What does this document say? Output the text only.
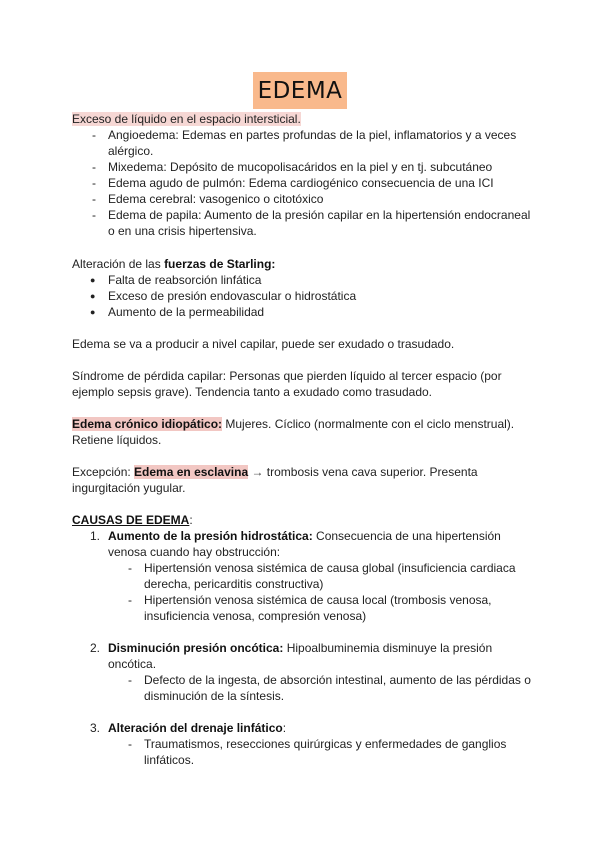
EDEMA
Exceso de líquido en el espacio intersticial.
- Angioedema: Edemas en partes profundas de la piel, inflamatorios y a veces alérgico.
- Mixedema: Depósito de mucopolisacáridos en la piel y en tj. subcutáneo
- Edema agudo de pulmón: Edema cardiogénico consecuencia de una ICI
- Edema cerebral: vasogenico o citotóxico
- Edema de papila: Aumento de la presión capilar en la hipertensión endocraneal o en una crisis hipertensiva.
Alteración de las fuerzas de Starling:
● Falta de reabsorción linfática
● Exceso de presión endovascular o hidrostática
● Aumento de la permeabilidad
Edema se va a producir a nivel capilar, puede ser exudado o trasudado.
Síndrome de pérdida capilar: Personas que pierden líquido al tercer espacio (por ejemplo sepsis grave). Tendencia tanto a exudado como trasudado.
Edema crónico idiopático: Mujeres. Cíclico (normalmente con el ciclo menstrual). Retiene líquidos.
Excepción: Edema en esclavina → trombosis vena cava superior. Presenta ingurgitación yugular.
CAUSAS DE EDEMA:
1. Aumento de la presión hidrostática: Consecuencia de una hipertensión venosa cuando hay obstrucción:
- Hipertensión venosa sistémica de causa global (insuficiencia cardiaca derecha, pericarditis constructiva)
- Hipertensión venosa sistémica de causa local (trombosis venosa, insuficiencia venosa, compresión venosa)
2. Disminución presión oncótica: Hipoalbuminemia disminuye la presión oncótica.
- Defecto de la ingesta, de absorción intestinal, aumento de las pérdidas o disminución de la síntesis.
3. Alteración del drenaje linfático:
- Traumatismos, resecciones quirúrgicas y enfermedades de ganglios linfáticos.
